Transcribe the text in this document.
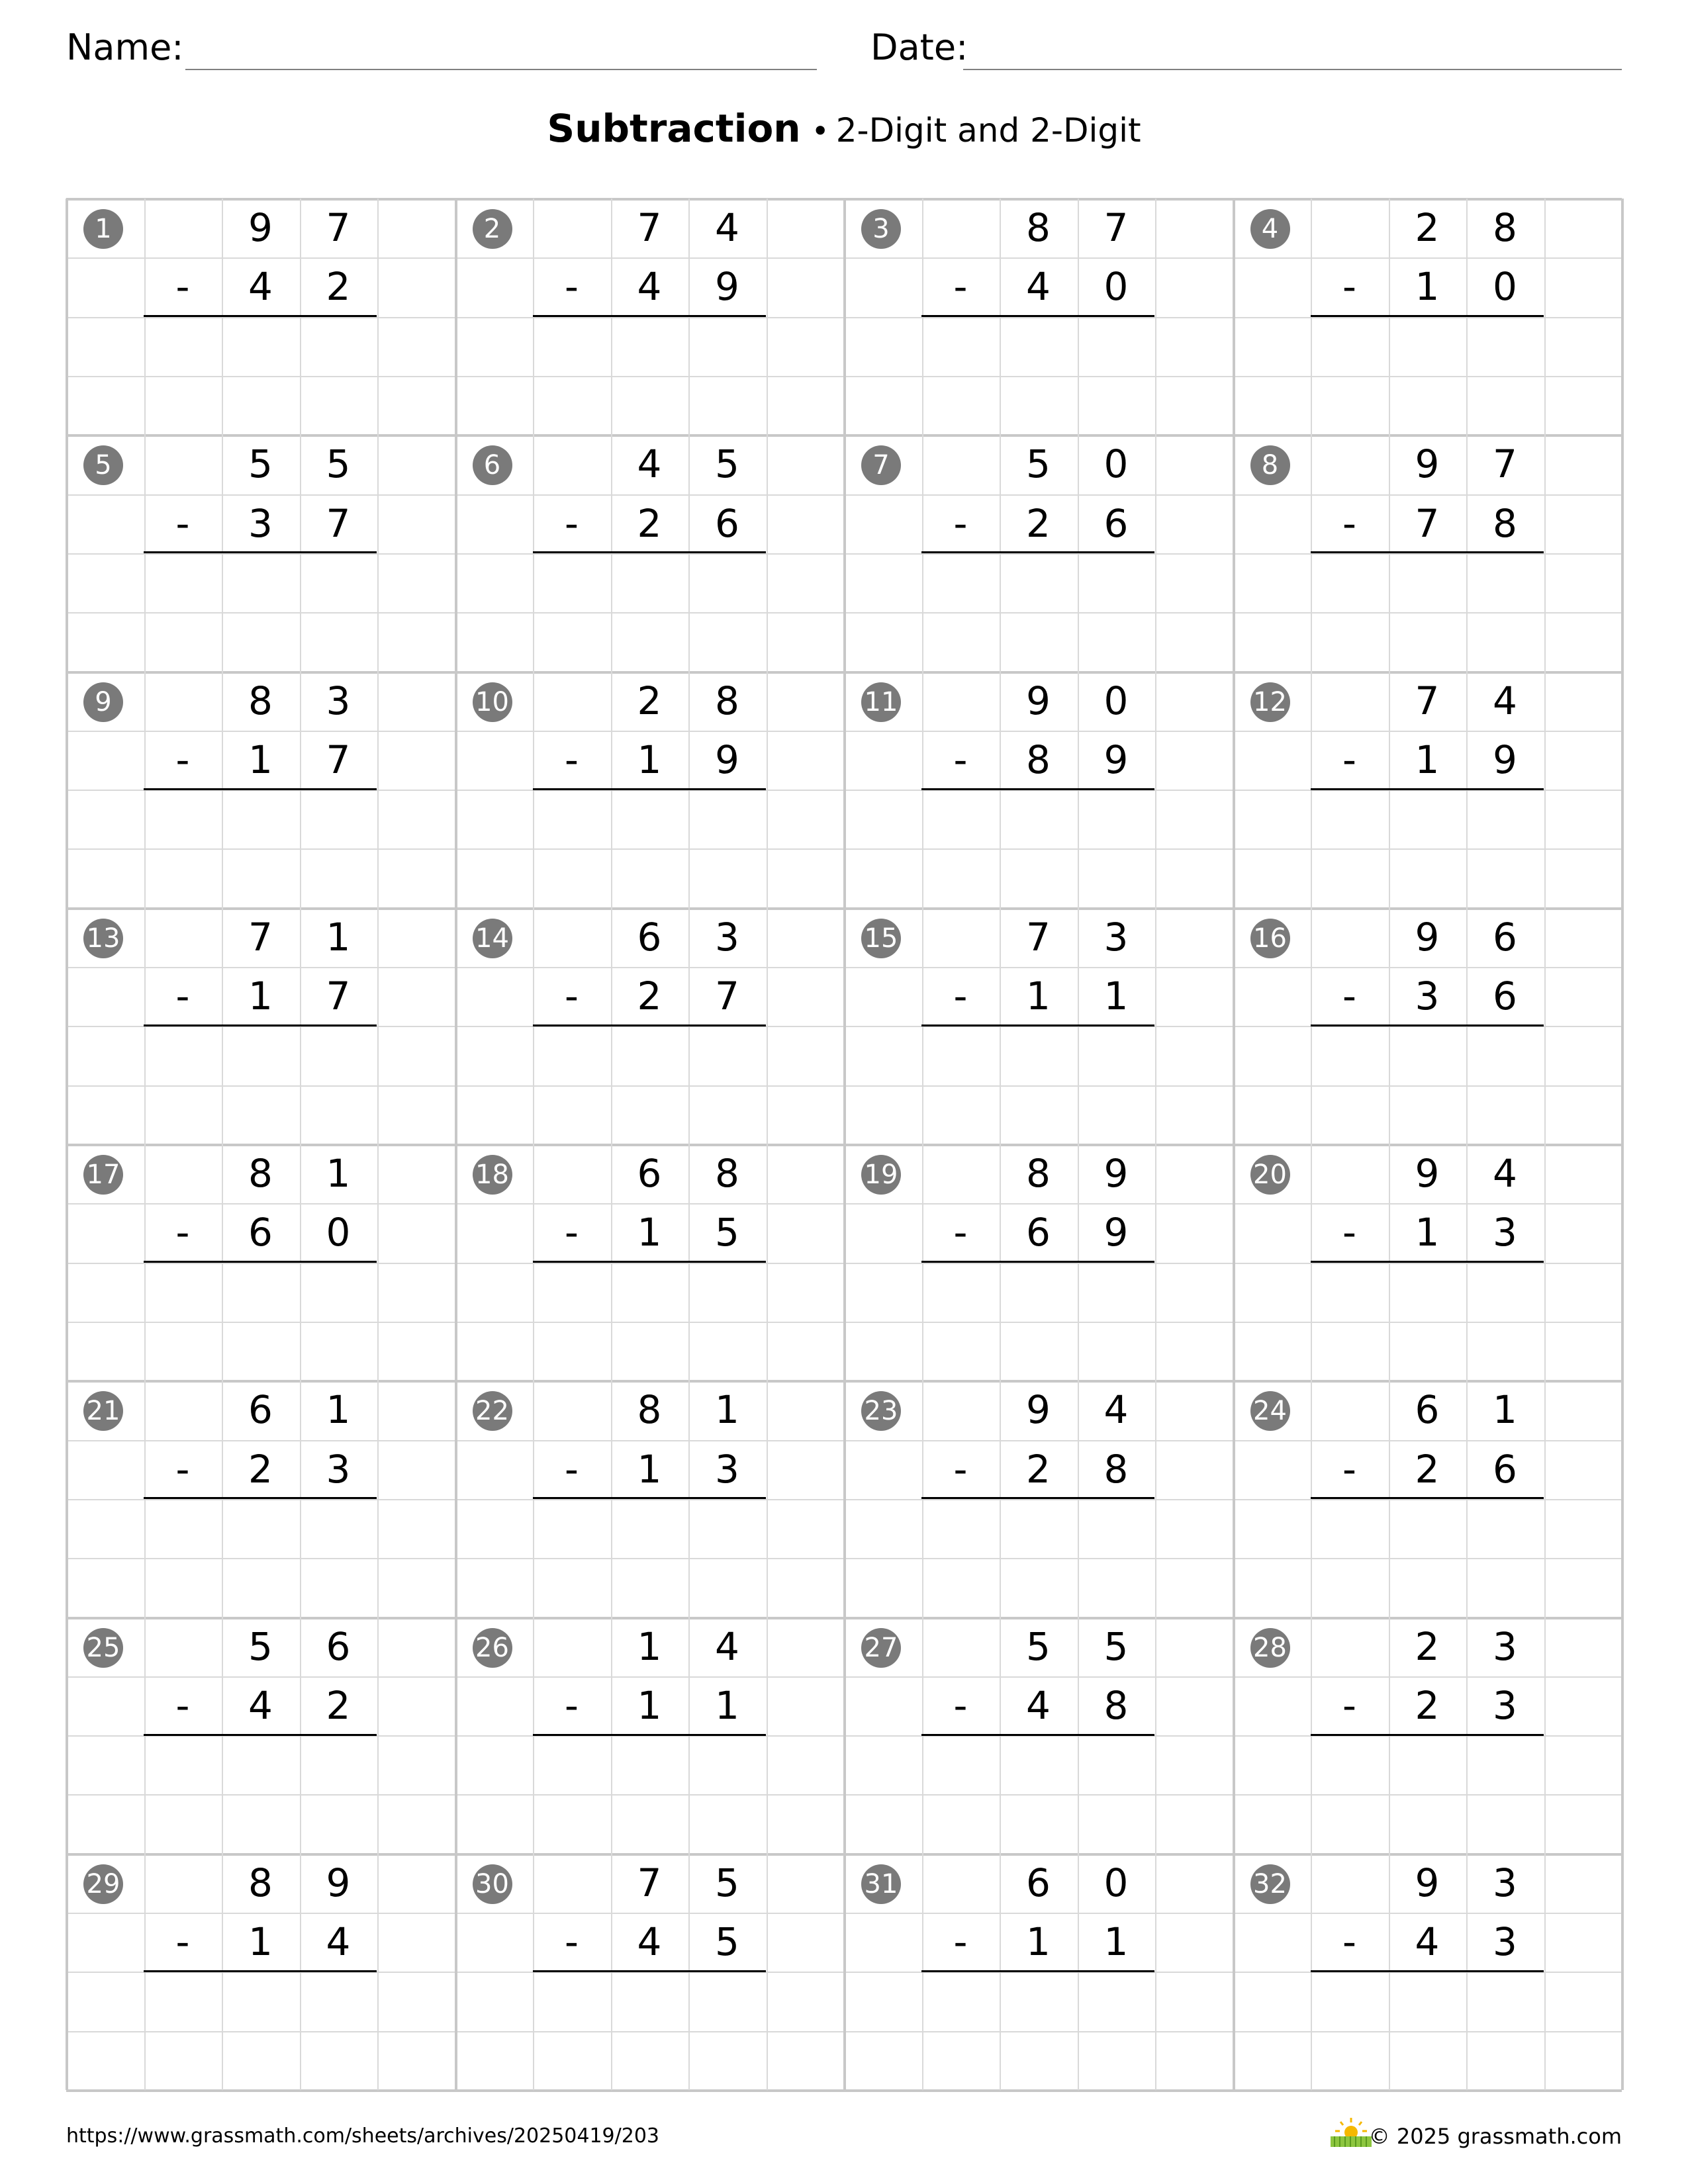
Name:	Date:
Subtraction • 2-Digit and 2-Digit
1	9	7
-	4	2
2	7	4
-	4	9
3	8	7
-	4	0
4	2	8
-	1	0
5	5	5
-	3	7
6	4	5
-	2	6
7	5	0
-	2	6
8	9	7
-	7	8
9	8	3
-	1	7
10	2	8
-	1	9
11	9	0
-	8	9
12	7	4
-	1	9
13	7	1
-	1	7
14	6	3
-	2	7
15	7	3
-	1	1
16	9	6
-	3	6
17	8	1
-	6	0
18	6	8
-	1	5
19	8	9
-	6	9
20	9	4
-	1	3
21	6	1
-	2	3
22	8	1
-	1	3
23	9	4
-	2	8
24	6	1
-	2	6
25	5	6
-	4	2
26	1	4
-	1	1
27	5	5
-	4	8
28	2	3
-	2	3
29	8	9
-	1	4
30	7	5
-	4	5
31	6	0
-	1	1
32	9	3
-	4	3
https://www.grassmath.com/sheets/archives/20250419/203	© 2025 grassmath.com
